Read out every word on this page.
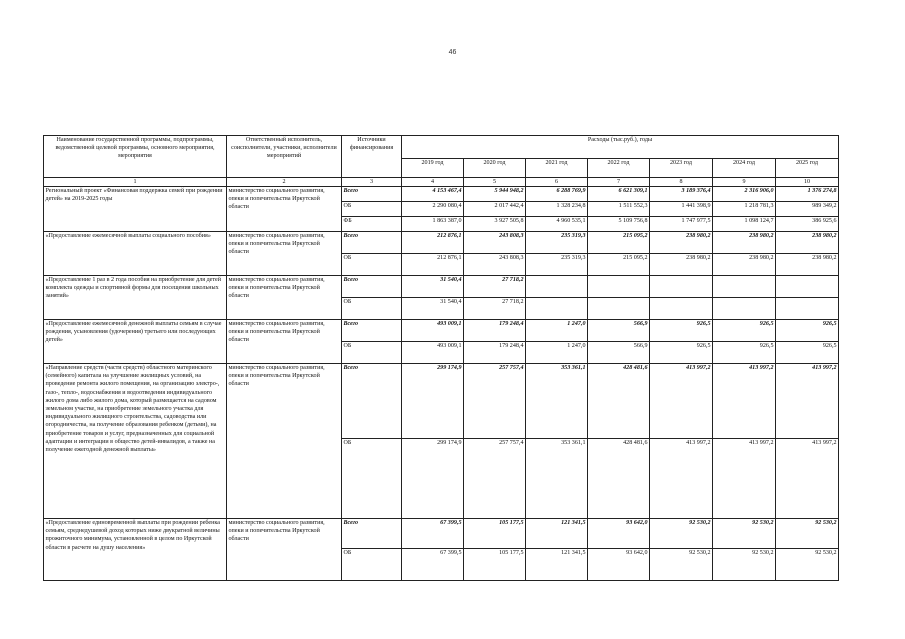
46
Наименование государственной программы, подпрограммы, ведомственной целевой программы, основного мероприятия, мероприятия	Ответственный исполнитель, соисполнители, участники, исполнители мероприятий	Источники финансирования	Расходы (тыс.руб.), годы						
			2019 год	2020 год	2021 год	2022 год	2023 год	2024 год	2025 год
1	2	3	4	5	6	7	8	9	10
Региональный проект «Финансовая поддержка семей при рождении детей» на 2019-2025 годы	министерство социального развития, опеки и попечительства Иркутской области	Всего	4 153 467,4	5 944 948,2	6 288 769,9	6 621 309,1	3 189 376,4	2 316 906,0	1 376 274,8
		ОБ	2 290 080,4	2 017 442,4	1 328 234,8	1 511 552,3	1 441 398,9	1 218 781,3	989 349,2
		ФБ	1 863 387,0	3 927 505,8	4 960 535,1	5 109 756,8	1 747 977,5	1 098 124,7	386 925,6
«Предоставление ежемесячной выплаты социального пособия»	министерство социального развития, опеки и попечительства Иркутской области	Всего	212 876,1	243 808,3	235 319,3	215 095,2	238 980,2	238 980,2	238 980,2
		ОБ	212 876,1	243 808,3	235 319,3	215 095,2	238 980,2	238 980,2	238 980,2
«Предоставление 1 раз в 2 года пособия на приобретение для детей комплекта одежды и спортивной формы для посещения школьных занятий»	министерство социального развития, опеки и попечительства Иркутской области	Всего	31 540,4	27 718,2					
		ОБ	31 540,4	27 718,2					
«Предоставление ежемесячной денежной выплаты семьям в случае рождения, усыновления (удочерения) третьего или последующих детей»	министерство социального развития, опеки и попечительства Иркутской области	Всего	493 009,1	179 248,4	1 247,0	566,9	926,5	926,5	926,5
		ОБ	493 009,1	179 248,4	1 247,0	566,9	926,5	926,5	926,5
«Направление средств (части средств) областного материнского (семейного) капитала на улучшение жилищных условий, на проведение ремонта жилого помещения, на организацию электро-, газо-, тепло-, водоснабжения и водоотведения индивидуального жилого дома либо жилого дома, который размещается на садовом земельном участке, на приобретение земельного участка для индивидуального жилищного строительства, садоводства или огородничества, на получение образования ребенком (детьми), на приобретение товаров и услуг, предназначенных для социальной адаптации и интеграции в общество детей-инвалидов, а также на получение ежегодной денежной выплаты»	министерство социального развития, опеки и попечительства Иркутской области	Всего	299 174,9	257 757,4	353 361,1	428 481,6	413 997,2	413 997,2	413 997,2
		ОБ	299 174,9	257 757,4	353 361,1	428 481,6	413 997,2	413 997,2	413 997,2
«Предоставление единовременной выплаты при рождении ребенка семьям, среднедушевой доход которых ниже двукратной величины прожиточного минимума, установленной в целом по Иркутской области в расчете на душу населения»	министерство социального развития, опеки и попечительства Иркутской области	Всего	67 399,5	105 177,5	121 341,5	93 642,0	92 530,2	92 530,2	92 530,2
		ОБ	67 399,5	105 177,5	121 341,5	93 642,0	92 530,2	92 530,2	92 530,2
